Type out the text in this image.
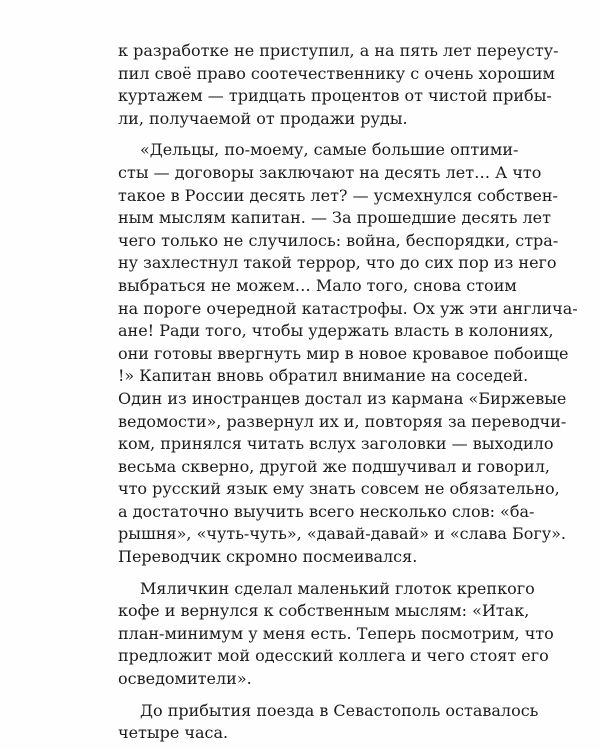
к разработке не приступил, а на пять лет переусту-
пил своё право соотечественнику с очень хорошим
куртажем — тридцать процентов от чистой прибы-
ли, получаемой от продажи руды.
«Дельцы, по-моему, самые большие оптими-
сты — договоры заключают на десять лет… А что
такое в России десять лет? — усмехнулся собствен-
ным мыслям капитан. — За прошедшие десять лет
чего только не случилось: война, беспорядки, стра-
ну захлестнул такой террор, что до сих пор из него
выбраться не можем… Мало того, снова стоим
на пороге очередной катастрофы. Ох уж эти англича-
ане! Ради того, чтобы удержать власть в колониях,
они готовы ввергнуть мир в новое кровавое побоище
!» Капитан вновь обратил внимание на соседей.
Один из иностранцев достал из кармана «Биржевые
ведомости», развернул их и, повторяя за переводчи-
ком, принялся читать вслух заголовки — выходило
весьма скверно, другой же подшучивал и говорил,
что русский язык ему знать совсем не обязательно,
а достаточно выучить всего несколько слов: «ба-
рышня», «чуть-чуть», «давай-давай» и «слава Богу».
Переводчик скромно посмеивался.
Мяличкин сделал маленький глоток крепкого
кофе и вернулся к собственным мыслям: «Итак,
план-минимум у меня есть. Теперь посмотрим, что
предложит мой одесский коллега и чего стоят его
осведомители».
До прибытия поезда в Севастополь оставалось
четыре часа.
